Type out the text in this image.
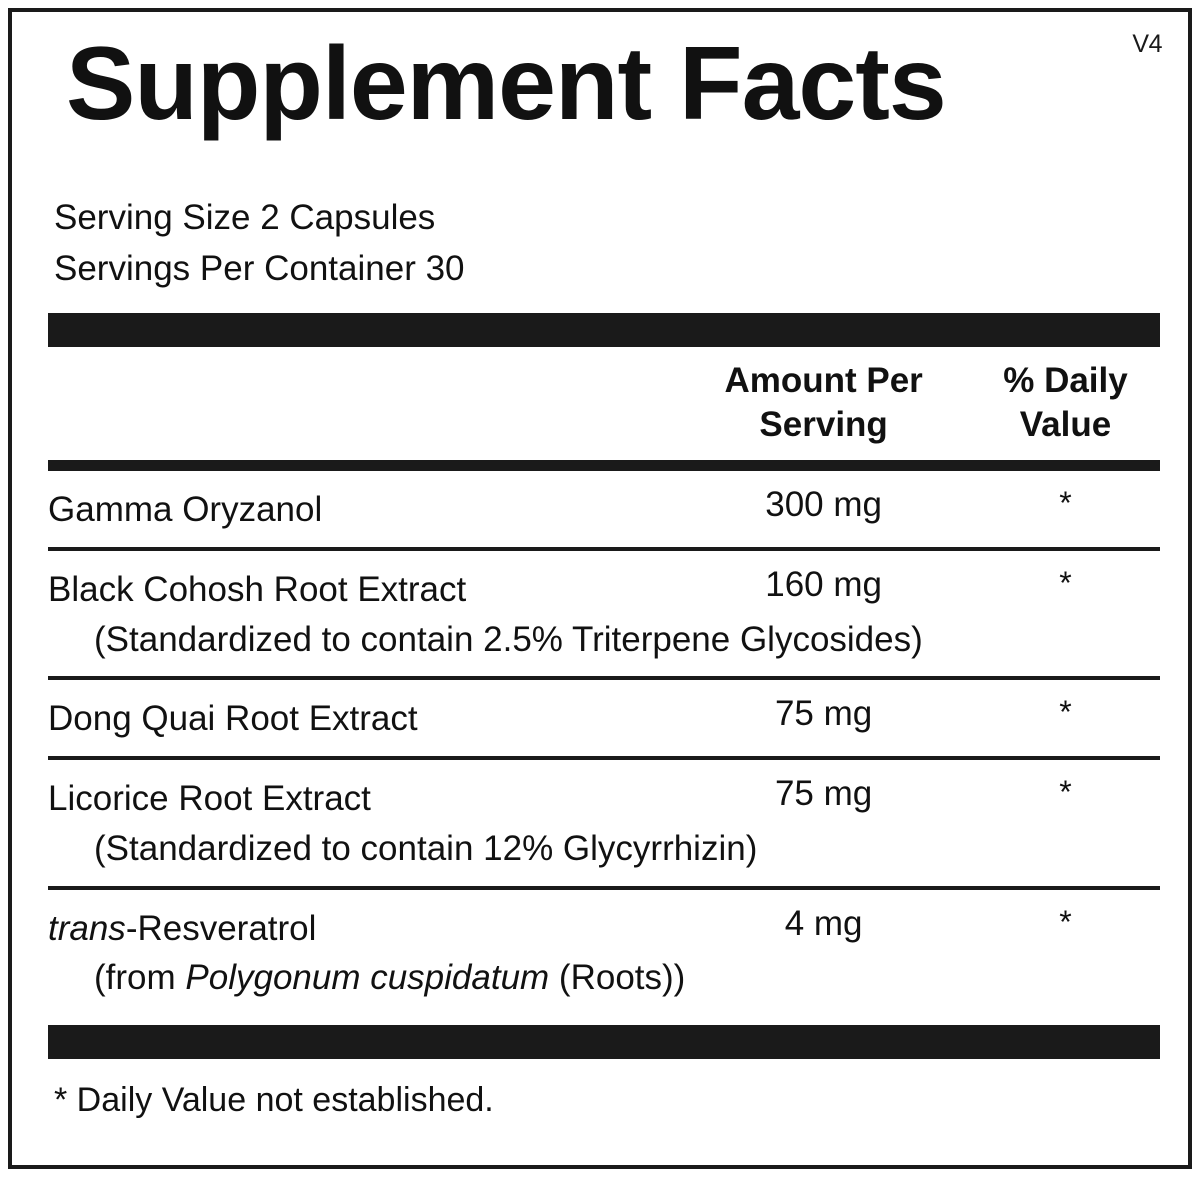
V4
Supplement Facts
Serving Size 2 Capsules
Servings Per Container 30

Amount Per
Serving

% Daily
Value

Gamma Oryzanol	300 mg	*

Black Cohosh Root Extract
(Standardized to contain 2.5% Triterpene Glycosides)	160 mg	*

Dong Quai Root Extract	75 mg	*

Licorice Root Extract
(Standardized to contain 12% Glycyrrhizin)	75 mg	*

trans-Resveratrol
(from Polygonum cuspidatum (Roots))	4 mg	*
* Daily Value not established.
